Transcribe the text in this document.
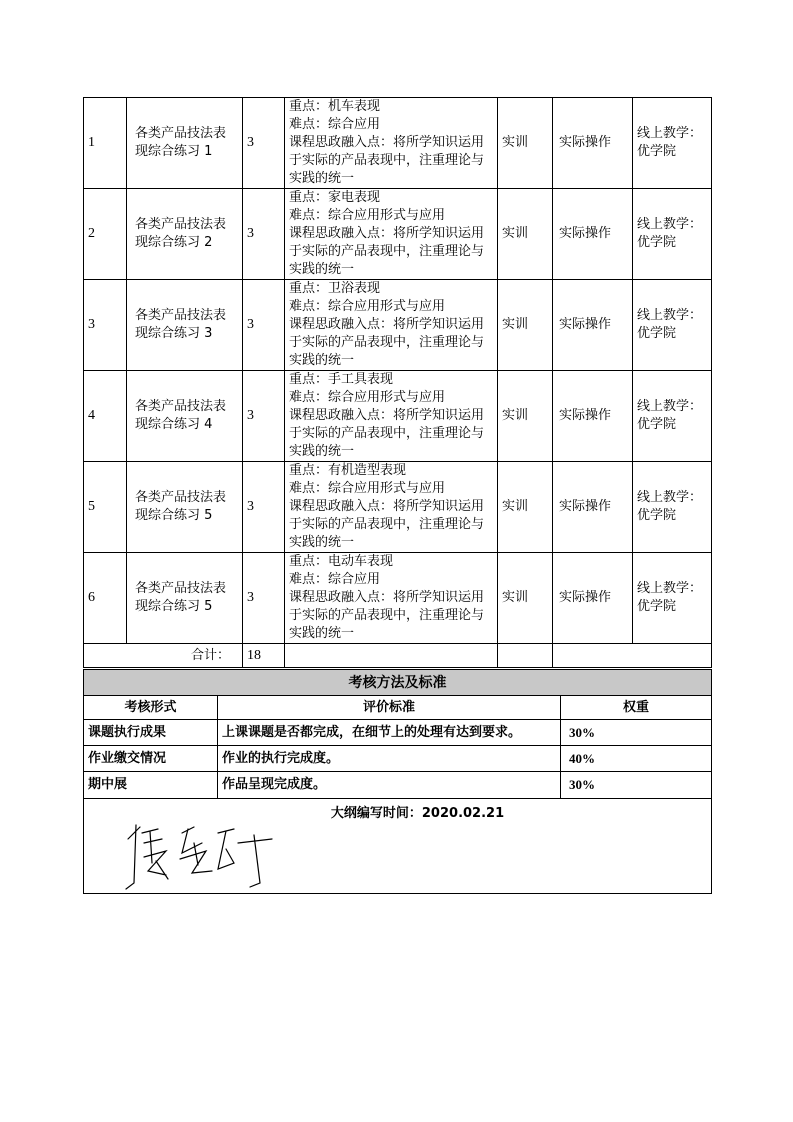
1	各类产品技法表现综合练习 1	3	重点：机车表现
难点：综合应用
课程思政融入点：将所学知识运用于实际的产品表现中，注重理论与实践的统一	实训	实际操作	线上教学：优学院
2	各类产品技法表现综合练习 2	3	重点：家电表现
难点：综合应用形式与应用
课程思政融入点：将所学知识运用于实际的产品表现中，注重理论与实践的统一	实训	实际操作	线上教学：优学院
3	各类产品技法表现综合练习 3	3	重点：卫浴表现
难点：综合应用形式与应用
课程思政融入点：将所学知识运用于实际的产品表现中，注重理论与实践的统一	实训	实际操作	线上教学：优学院
4	各类产品技法表现综合练习 4	3	重点：手工具表现
难点：综合应用形式与应用
课程思政融入点：将所学知识运用于实际的产品表现中，注重理论与实践的统一	实训	实际操作	线上教学：优学院
5	各类产品技法表现综合练习 5	3	重点：有机造型表现
难点：综合应用形式与应用
课程思政融入点：将所学知识运用于实际的产品表现中，注重理论与实践的统一	实训	实际操作	线上教学：优学院
6	各类产品技法表现综合练习 5	3	重点：电动车表现
难点：综合应用
课程思政融入点：将所学知识运用于实际的产品表现中，注重理论与实践的统一	实训	实际操作	线上教学：优学院
合计：		18				
考核方法及标准		
考核形式	评价标准	权重
课题执行成果	上课课题是否都完成，在细节上的处理有达到要求。	30%
作业缴交情况	作业的执行完成度。	40%
期中展	作品呈现完成度。	30%

大纲编写时间：2020.02.21		
